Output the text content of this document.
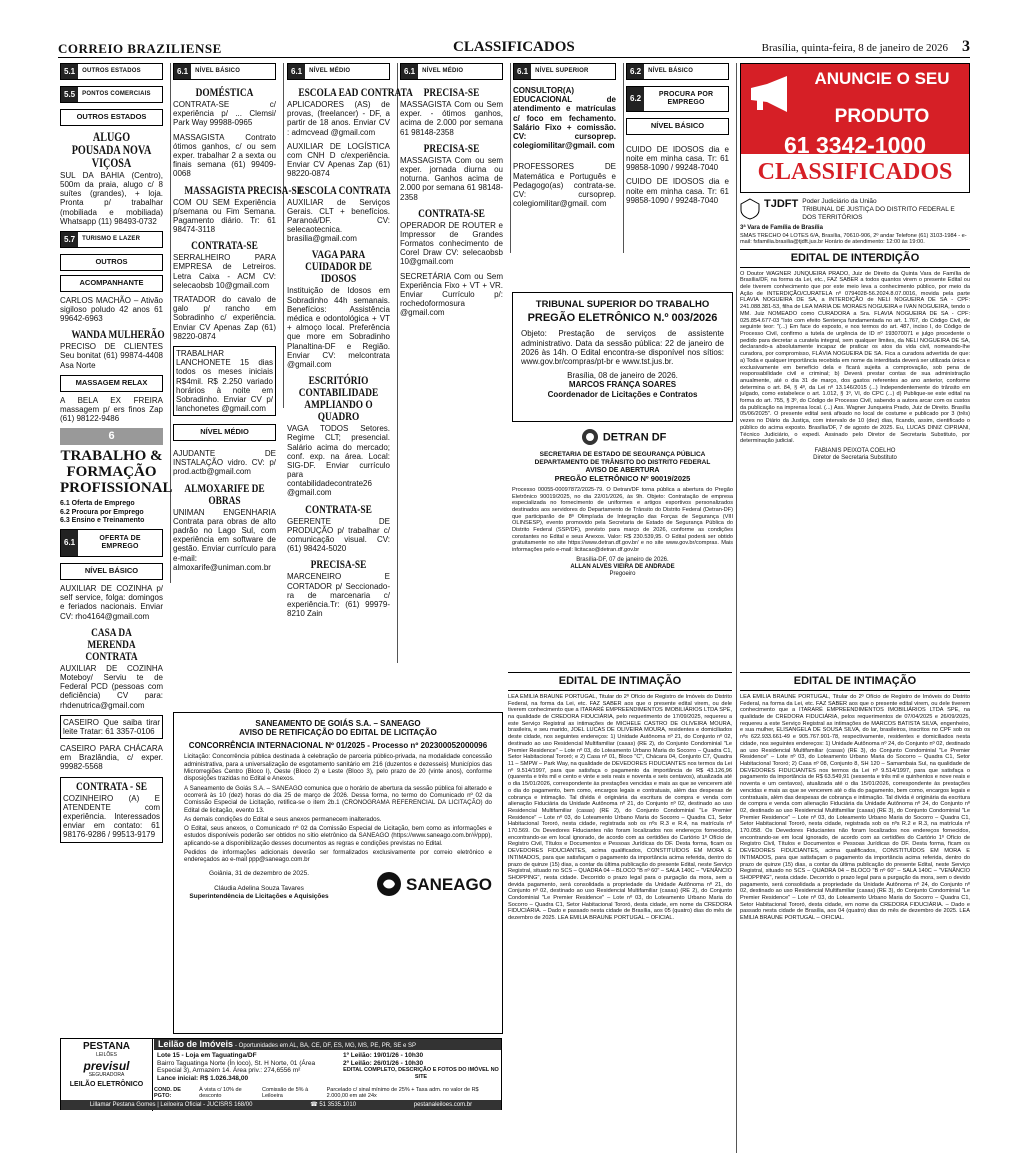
CORREIO BRAZILIENSE	CLASSIFICADOS	Brasília, quinta-feira, 8 de janeiro de 2026 3
5.1	OUTROS ESTADOS
5.5	PONTOS COMERCIAIS
OUTROS ESTADOS
ALUGO POUSADA NOVA VIÇOSA

SUL DA BAHIA (Centro), 500m da praia, alugo c/ 8 suítes (grandes), + loja. Pronta p/ trabalhar (mobiliada e mobiliada) Whatsapp (11) 98493-0732

5.7	TURISMO E LAZER
OUTROS
ACOMPANHANTE

CARLOS MACHÃO – Ativão sigiloso poludo 42 anos 61 99642-6963

WANDA MULHERÃO

PRECISO DE CLIENTES Seu bonitat (61) 99874-4408 Asa Norte

MASSAGEM RELAX

A BELA EX FREIRA massagem p/ ers finos Zap (61) 98122-9486

6
TRABALHO & FORMAÇÃO PROFISSIONAL
6.1 Oferta de Emprego
6.2 Procura por Emprego
6.3 Ensino e Treinamento
6.1
OFERTA DE EMPREGO
NÍVEL BÁSICO

AUXILIAR DE COZINHA p/ self service, folga: domingos e feriados nacionais. Enviar CV: rho4164@gmail.com

CASA DA MERENDA CONTRATA

AUXILIAR DE COZINHA Moteboy/ Serviu te de Federal PCD (pessoas com deficiência) CV para: rhdenutrica@gmail.com

CASEIRO Que saiba tirar leite Tratar: 61 3357-0106

CASEIRO PARA CHÁCARA em Brazlândia, c/ exper. 99982-5568

CONTRATA - SE

COZINHEIRO (A) E ATENDENTE com experiência. Interessados enviar em contato: 61 98176-9286 / 99513-9179

6.1	NÍVEL BÁSICO
DOMÉSTICA

CONTRATA-SE c/ experiência p/ ... Clemsi/ Park Way 99988-0965

MASSAGISTA Contrato ótimos ganhos, c/ ou sem exper. trabalhar 2 a sexta ou finais semana (61) 99409-0068

MASSAGISTA PRECISA-SE

COM OU SEM Experiência p/semana ou Fim Semana. Pagamento diário. Tr: 61 98474-3118

CONTRATA-SE

SERRALHEIRO PARA EMPRESA de Letreiros. Letra Caixa - ACM CV: selecaobsb 10@gmail.com

TRATADOR do cavalo de galo p/ rancho em Sobradinho c/ experiência. Enviar CV Apenas Zap (61) 98220-0874

TRABALHAR LANCHONETE 15 dias todos os meses iniciais R$4mil. R$ 2.250 variado horários à noite em Sobradinho. Enviar CV p/ lanchonetes @gmail.com

NÍVEL MÉDIO

AJUDANTE DE INSTALAÇÃO vidro. CV: p/ prod.actb@gmail.com

ALMOXARIFE DE OBRAS

UNIMAN ENGENHARIA Contrata para obras de alto padrão no Lago Sul, com experiência em software de gestão. Enviar currículo para e-mail: almoxarife@uniman.com.br

6.1	NÍVEL MÉDIO
ESCOLA EAD CONTRATA

APLICADORES (AS) de provas, (freelancer) - DF, a partir de 18 anos. Enviar CV : admcvead @gmail.com

AUXILIAR DE LOGÍSTICA com CNH D c/experiência. Enviar CV Apenas Zap (61) 98220-0874

ESCOLA CONTRATA

AUXILIAR de Serviços Gerais. CLT + benefícios. Paranoá/DF. CV: selecaotecnica. brasilia@gmail.com

VAGA PARA CUIDADOR DE IDOSOS

Instituição de Idosos em Sobradinho 44h semanais. Benefícios: Assistência médica e odontológica + VT + almoço local. Preferência que more em Sobradinho Planaltina-DF e Região. Enviar CV: melcontrata @gmail.com

ESCRITÓRIO CONTABILIDADE AMPLIANDO O QUADRO

VAGA TODOS Setores. Regime CLT; presencial. Salário acima do mercado; conf. exp. na área. Local: SIG-DF. Enviar currículo para contabilidadecontrate26 @gmail.com

CONTRATA-SE

GEERENTE DE PRODUÇÃO p/ trabalhar c/ comunicação visual. CV: (61) 98424-5020

PRECISA-SE

MARCENEIRO E CORTADOR p/ Seccionado- ra de marcenaria c/ experiência.Tr: (61) 99979-8210 Zain

6.1	NÍVEL MÉDIO
PRECISA-SE

MASSAGISTA Com ou Sem exper. - ótimos ganhos, acima de 2.000 por semana 61 98148-2358

PRECISA-SE

MASSAGISTA Com ou sem exper. jornada diurna ou noturna. Ganhos acima de 2.000 por semana 61 98148-2358

CONTRATA-SE

OPERADOR DE ROUTER e Impressor de Grandes Formatos conhecimento de Corel Draw CV: selecaobsb 10@gmail.com

SECRETÁRIA Com ou Sem Experiência Fixo + VT + VR. Enviar Currículo p/: rochedoformosura @gmail.com

6.1	NÍVEL SUPERIOR

CONSULTOR(A) EDUCACIONAL de atendimento e matrículas c/ foco em fechamento. Salário Fixo + comissão. CV: cursoprep. colegiomilitar@gmail. com

PROFESSORES DE Matemática e Português e Pedagogo(as) contrata-se. CV: cursoprep. colegiomilitar@gmail. com

6.2	NÍVEL BÁSICO
6.2
PROCURA POR EMPREGO
NÍVEL BÁSICO

CUIDO DE IDOSOS dia e noite em minha casa. Tr: 61 99858-1090 / 99248-7040

CUIDO DE IDOSOS dia e noite em minha casa. Tr: 61 99858-1090 / 99248-7040

TRIBUNAL SUPERIOR DO TRABALHO
PREGÃO ELETRÔNICO N.º 003/2026
Objeto: Prestação de serviços de assistente administrativo. Data da sessão pública: 22 de janeiro de 2026 às 14h. O Edital encontra-se disponível nos sítios: www.gov.br/compras/pt-br e www.tst.jus.br.
Brasília, 08 de janeiro de 2026.
MARCOS FRANÇA SOARES
Coordenador de Licitações e Contratos
DETRAN DF
SECRETARIA DE ESTADO DE SEGURANÇA PÚBLICA
DEPARTAMENTO DE TRÂNSITO DO DISTRITO FEDERAL
AVISO DE ABERTURA
PREGÃO ELETRÔNICO Nº 90019/2025
Processo 00055-00097872/2025-79. O Detran/DF torna pública a abertura do Pregão Eletrônico 90019/2025, no dia 22/01/2026, às 9h. Objeto: Contratação de empresa especializada no fornecimento de uniformes e artigos esportivos personalizados destinados aos servidores do Departamento de Trânsito do Distrito Federal (Detran-DF) que participarão de 8ª Olimpíada de Integração das Forças de Segurança (VIII OLINSESP), evento promovido pela Secretaria de Estado de Segurança Pública do Distrito Federal (SSP/DF), previsto para março de 2026, conforme as condições constantes no Edital e seus Anexos. Valor: R$ 230.539,95. O Edital poderá ser obtido gratuitamente no site https://www.detran.df.gov.br/ e no site www.gov.br/compras. Mais informações pelo e-mail: licitacao@detran.df.gov.br
Brasília-DF, 07 de janeiro de 2026.
ALLAN ALVES VIEIRA DE ANDRADE
Pregoeiro
ANUNCIE O SEU
PRODUTO
61 3342-1000
CLASSIFICADOS
TJDFT Poder Judiciário da União
TRIBUNAL DE JUSTIÇA DO DISTRITO FEDERAL E DOS TERRITÓRIOS
3ª Vara de Família de Brasília
SMAS TRECHO 04 LOTES 6/A, Brasília, 70610-906, 2º andar Telefone (61) 3103-1984 - e-mail: fsfamilia.brasilia@tjdft.jus.br Horário de atendimento: 12:00 às 19:00.
EDITAL DE INTERDIÇÃO
O Doutor WAGNER JUNQUEIRA PRADO, Juiz de Direito da Quinta Vara de Família de Brasília/DF, na forma da Lei, etc., FAZ SABER a todos quantos virem o presente Edital ou dele tiverem conhecimento que por este meio leva a conhecimento público, por meio da Ação de INTERDIÇÃO/CURATELA nº 0794028-56.2024.8.07.0016, movida pela parte FLAVIA NOGUEIRA DE SA, a INTERDIÇÃO de NELI NOGUEIRA DE SA - CPF: 241.088.381-53, filha de LEA MARIA DE MORAES NOGUEIRA e IVAN NOGUEIRA, tendo o MM. Juiz NOMEADO como CURADORA a Sra. FLAVIA NOGUEIRA DE SA - CPF: 025.854.677-03 "Isto com efeito Sentença fundamentada no art. 1.767, do Código Civil, de seguinte teor: "(...) Em face do exposto, e nos termos do art. 487, inciso I, do Código de Processo Civil, confirmo a tutela de urgência de ID nº 193070071 e julgo procedente o pedido para decretar a curatela integral, sem qualquer limites, da NELI NOGUEIRA DE SA, declarando-a absolutamente incapaz de praticar os atos da vida civil, nomeando-lhe curadora, por compromisso, FLÁVIA NOGUEIRA DE SA. Fica a curadora advertida de que: a) Toda e qualquer importância recebida em nome da interditada deverá ser utilizada única e exclusivamente em benefício dela e ficará sujeita a comprovação, sob pena de responsabilidade civil e criminal; b) Deverá prestar contas de sua administração anualmente, até o dia 31 de março, dos gastos referentes ao ano anterior, conforme determina o art. 84, § 4º, da Lei nº 13.146/2015 (...) Independentemente do trânsito em julgado, como estabelece o art. 1.012, § 1º, VI, do CPC (...) d) Publique-se este edital na forma do art. 755, § 3º, do Código de Processo Civil, sabendo a autora arcar com os custos da publicação na imprensa local. (...) Ass. Wagner Junqueira Prado, Juiz de Direito. Brasília 05/06/2025". O presente edital será afixado no local de costume e publicado por 3 (três) vezes no Diário da Justiça, com intervalo de 10 (dez) dias, ficando, assim, cientificado o público do acima exposto. Brasília/DF, 7 de agosto de 2025. Eu, LUCAS DINIZ CIPRIANI, Técnico Judiciário, o expedi. Assinado pelo Diretor de Secretaria Substituto, por determinação judicial.
FABIANIS PEIXOTA COELHO
Diretor de Secretaria Substituto
EDITAL DE INTIMAÇÃO
LEA EMILIA BRAUNE PORTUGAL, Titular do 2º Ofício de Registro de Imóveis do Distrito Federal, na forma da Lei, etc. FAZ SABER aos que o presente edital virem, ou dele tiverem conhecimento que a ITARARÉ EMPREENDIMENTOS IMOBILIÁRIOS LTDA SPE, na qualidade de CREDORA FIDUCIÁRIA, pelo requerimento de 17/09/2025, requereu a este Serviço Registral as intimações de MICHELE CASTRO DE OLIVEIRA MOURA, brasileira, e seu marido, JOEL LUCAS DE OLIVEIRA MOURA, residentes e domiciliados deste cidade, nos seguintes endereços: 1) Unidade Autônoma nº 21, do Conjunto nº 02, destinado ao uso Residencial Multifamiliar (casas) (RE 2), do Conjunto Condominial "Le Premier Residence" – Lote nº 03, do Loteamento Urbano Maria do Socorro – Quadra C1, Setor Habitacional Tororó; e 2) Casa nº 01, Bloco "C", Chácara 04, Conjunto C7, Quadra 11 – SMPW – Park Way, na qualidade de DEVEDORES FIDUCIANTES nos termos da Lei nº 9.514/1997, para que satisfaça o pagamento da importância de R$ 43.126,96 (quarenta e três mil e cento e vinte e seis reais e noventa e seis centavos), atualizada até o dia 15/01/2026, correspondente às prestações vencidas e mais as que se vencerem até o dia do pagamento, bem como, encargos legais e contratuais, além das despesas de cobrança e intimação. Tal dívida é originária da escritura de compra e venda com alienação Fiduciária da Unidade Autônoma nº 21, do Conjunto nº 02, destinado ao uso Residencial Multifamiliar (casas) (RE 2), do Conjunto Condominial "Le Premier Residence" – Lote nº 03, do Loteamento Urbano Maria do Socorro – Quadra C1, Setor Habitacional Tororó, nesta cidade, registrada sob os nºs R.3 e R.4, na matrícula nº 170.569. Os Devedores Fiduciantes não foram localizados nos endereços fornecidos, encontrando-se em local ignorado, de acordo com as certidões do Cartório 1º Ofício de Registro Civil, Títulos e Documentos e Pessoas Jurídicas do DF. Desta forma, ficam os DEVEDORES FIDUCIANTES, acima qualificados, CONSTITUÍDOS EM MORA E INTIMADOS, para que satisfaçam o pagamento da importância acima referida, dentro do prazo de quinze (15) dias, a contar da última publicação do presente Edital, neste Serviço Registral, situado no SCS – QUADRA 04 – BLOCO "B nº 60" – SALA 140C – "VENÂNCIO SHOPPING", nesta cidade. Decorrido o prazo legal para o purgação da mora, sem a devida pagamento, será consolidada a propriedade da Unidade Autônoma nº 21, do Conjunto nº 02, destinado ao uso Residencial Multifamiliar (casas) (RE 2), do Conjunto Condominial "Le Premier Residence" – Lote nº 03, do Loteamento Urbano Maria do Socorro – Quadra C1, Setor Habitacional Tororó, desta cidade, em nome da CREDORA FIDUCIÁRIA. – Dado e passado nesta cidade de Brasília, aos 05 (quatro) dias do mês de dezembro de 2025. LEA EMILIA BRAUNE PORTUGAL – OFICIAL.
EDITAL DE INTIMAÇÃO
LEA EMILIA BRAUNE PORTUGAL, Titular do 2º Ofício de Registro de Imóveis do Distrito Federal, na forma da Lei, etc. FAZ SABER aos que o presente edital virem, ou dele tiverem conhecimento que a ITARARÉ EMPREENDIMENTOS IMOBILIÁRIOS LTDA SPE, na qualidade de CREDORA FIDUCIÁRIA, pelos requerimentos de 07/04/2025 e 26/09/2025, requereu a este Serviço Registral as intimações de MARCOS BATISTA SILVA, engenheiro, e sua mulher, ELISANGELA DE SOUSA SILVA, do lar, brasileiros, inscritos no CPF sob os nºs 622.933.661-49 e 905.767.901-78, respectivamente, residentes e domiciliados nesta cidade, nos seguintes endereços: 1) Unidade Autônoma nº 24, do Conjunto nº 02, destinado ao uso Residencial Multifamiliar (casas) (RE 3), do Conjunto Condominial "Le Premier Residence" – Lote nº 03, do Loteamento Urbano Maria do Socorro – Quadra C1, Setor Habitacional Tororó; 2) Casa nº 08, Conjunto 8, SH 120 – Samambaia Sul, na qualidade de DEVEDORES FIDUCIANTES nos termos da Lei nº 9.514/1997, para que satisfaça o pagamento da importância de R$ 63.549,91 (sessenta e três mil e quinhentos e nove reais e noventa e um centavos), atualizada até o dia 15/01/2026, correspondente às prestações vencidas e mais as que se vencerem até o dia do pagamento, bem como, encargos legais e contratuais, além das despesas de cobrança e intimação. Tal dívida é originária da escritura de compra e venda com alienação Fiduciária da Unidade Autônoma nº 24, do Conjunto nº 02, destinado ao uso Residencial Multifamiliar (casas) (RE 3), do Conjunto Condominial "Le Premier Residence" – Lote nº 03, do Loteamento Urbano Maria do Socorro – Quadra C1, Setor Habitacional Tororó, nesta cidade, registrada sob os nºs R.2 e R.3, na matrícula nº 170.058. Os Devedores Fiduciantes não foram localizados nos endereços fornecidos, encontrando-se em local ignorado, de acordo com as certidões do Cartório 1º Ofício de Registro Civil, Títulos e Documentos e Pessoas Jurídicas do DF. Desta forma, ficam os DEVEDORES FIDUCIANTES, acima qualificados, CONSTITUÍDOS EM MORA E INTIMADOS, para que satisfaçam o pagamento da importância acima referida, dentro do prazo de quinze (15) dias, a contar da última publicação do presente Edital, neste Serviço Registral, situado no SCS – QUADRA 04 – BLOCO "B nº 60" – SALA 140C – "VENÂNCIO SHOPPING", nesta cidade. Decorrido o prazo legal para a purgação da mora, sem o devido pagamento, será consolidada a propriedade da Unidade Autônoma nº 24, do Conjunto nº 02, destinado ao uso Residencial Multifamiliar (casas) (RE 3), do Conjunto Condominial "Le Premier Residence" – Lote nº 03, do Loteamento Urbano Maria do Socorro – Quadra C1, Setor Habitacional Tororó, desta cidade, em nome da CREDORA FIDUCIÁRIA. – Dado e passado nesta cidade de Brasília, aos 04 (quatro) dias do mês de dezembro de 2025. LEA EMILIA BRAUNE PORTUGAL – OFICIAL.
SANEAMENTO DE GOIÁS S.A. – SANEAGO
AVISO DE RETIFICAÇÃO DO EDITAL DE LICITAÇÃO
CONCORRÊNCIA INTERNACIONAL Nº 01/2025 - Processo nº 202300052000096

Licitação: Concorrência pública destinada à celebração de parceria público-privada, na modalidade concessão administrativa, para a universalização de esgotamento sanitário em 216 (duzentos e dezesseis) Municípios das Microrregiões Centro (Bloco I), Oeste (Bloco 2) e Leste (Bloco 3), pelo prazo de 20 (vinte anos), conforme disposições trazidas no Edital e Anexos.

A Saneamento de Goiás S.A. – SANEAGO comunica que o horário de abertura da sessão pública foi alterado e ocorrerá às 10 (dez) horas do dia 25 de março de 2026. Dessa forma, no termo do Comunicado nº 02 da Comissão Especial de Licitação, retifica-se o item 2b.1 (CRONOGRAMA REFERENCIAL DA LICITAÇÃO) do Edital de licitação, evento 13.

As demais condições do Edital e seus anexos permanecem inalterados.

O Edital, seus anexos, o Comunicado nº 02 da Comissão Especial de Licitação, bem como as informações e estudos disponíveis poderão ser obtidos no sítio eletrônico da SANEAGO (https://www.saneago.com.br/#/ppp), aplicando-se a disponibilização desses documentos as regras e condições previstas no Edital.

Pedidos de informações adicionais deverão ser formalizados exclusivamente por correio eletrônico e endereçados ao e-mail ppp@saneago.com.br

Goiânia, 31 de dezembro de 2025.

Cláudia Adelina Souza Tavares
Superintendência de Licitações e Aquisições
SANEAGO
PESTANA
LEILÕES
previsul
SEGURADORA
LEILÃO ELETRÔNICO
Leilão de Imóveis - Oportunidades em AL, BA, CE, DF, ES, MG, MS, PE, PR, SE e SP
Lote 15 - Loja em Taguatinga/DF
Bairro Taguatinga Norte (Ín loco), St. H Norte, 01 (Área Especial 3), Armazém 14. Área priv.: 274,6556 m²
Lance inicial: R$ 1.026.348,00
1º Leilão: 19/01/26 - 10h30
2º Leilão: 26/01/26 - 10h30
EDITAL COMPLETO, DESCRIÇÃO E FOTOS DO IMÓVEL NO SITE
COND. DE PGTO:
À vista c/ 10% de desconto
Comissão de 5% à Leiloeira
Parcelado c/ sinal mínimo de 25% + Taxa adm. no valor de R$ 2.000,00 em até 24x
Lillamar Pestana Gomes | Leiloeira Oficial - JUCISRS 168/00	☎ 51 3535.1010	pestanaleiloes.com.br
